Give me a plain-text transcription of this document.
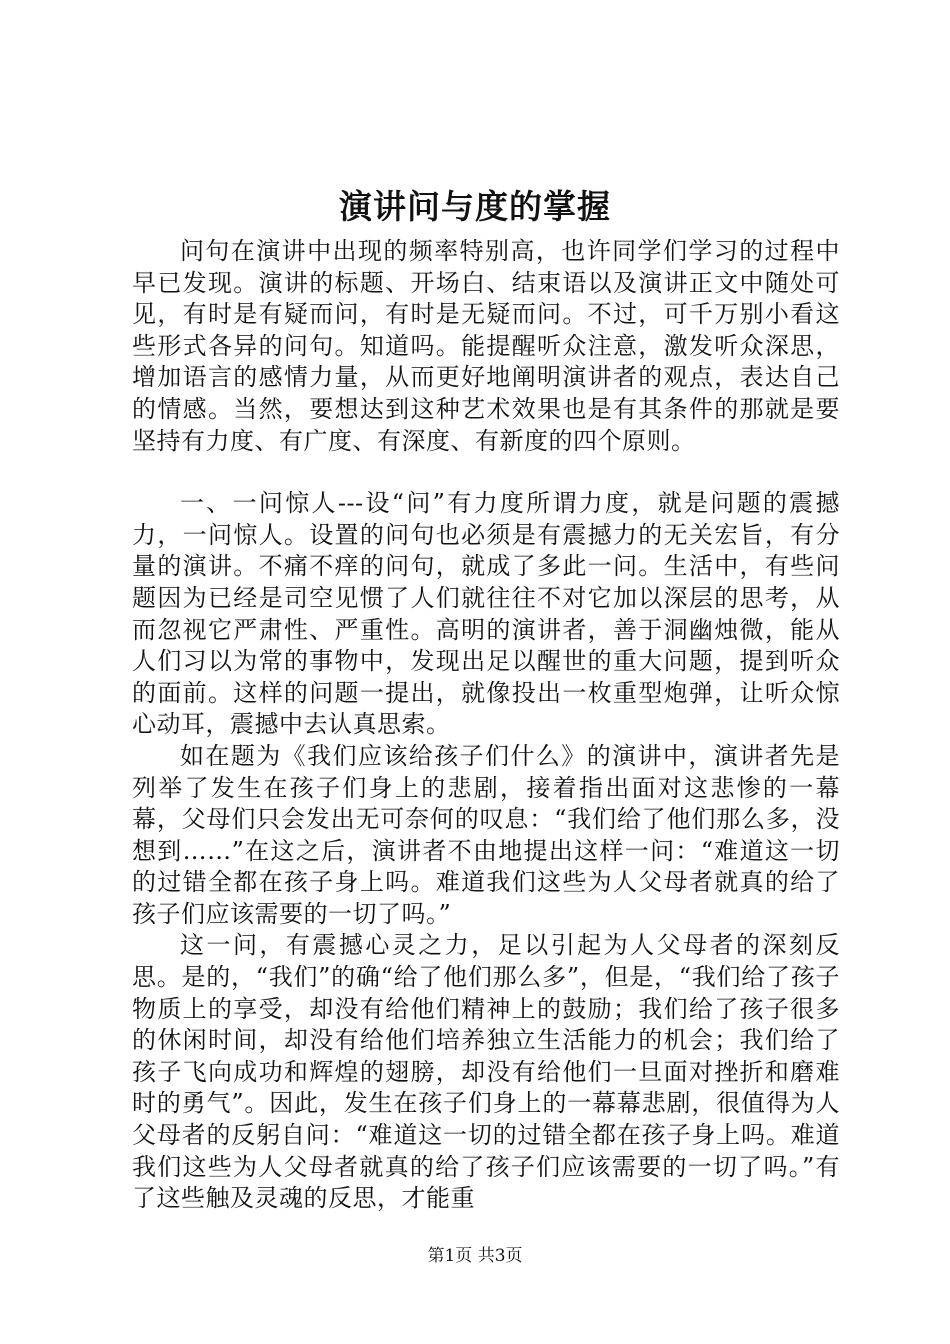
演讲问与度的掌握

问句在演讲中出现的频率特别高，也许同学们学习的过程中早已发现。演讲的标题、开场白、结束语以及演讲正文中随处可见，有时是有疑而问，有时是无疑而问。不过，可千万别小看这些形式各异的问句。知道吗。能提醒听众注意，激发听众深思，增加语言的感情力量，从而更好地阐明演讲者的观点，表达自己的情感。当然，要想达到这种艺术效果也是有其条件的那就是要坚持有力度、有广度、有深度、有新度的四个原则。

一、一问惊人---设“问”有力度所谓力度，就是问题的震撼力，一问惊人。设置的问句也必须是有震撼力的无关宏旨，有分量的演讲。不痛不痒的问句，就成了多此一问。生活中，有些问题因为已经是司空见惯了人们就往往不对它加以深层的思考，从而忽视它严肃性、严重性。高明的演讲者，善于洞幽烛微，能从人们习以为常的事物中，发现出足以醒世的重大问题，提到听众的面前。这样的问题一提出，就像投出一枚重型炮弹，让听众惊心动耳，震撼中去认真思索。

如在题为《我们应该给孩子们什么》的演讲中，演讲者先是列举了发生在孩子们身上的悲剧，接着指出面对这悲惨的一幕幕，父母们只会发出无可奈何的叹息：“我们给了他们那么多，没想到……”在这之后，演讲者不由地提出这样一问：“难道这一切的过错全都在孩子身上吗。难道我们这些为人父母者就真的给了孩子们应该需要的一切了吗。”

这一问，有震撼心灵之力，足以引起为人父母者的深刻反思。是的，“我们”的确“给了他们那么多”，但是，“我们给了孩子物质上的享受，却没有给他们精神上的鼓励；我们给了孩子很多的休闲时间，却没有给他们培养独立生活能力的机会；我们给了孩子飞向成功和辉煌的翅膀，却没有给他们一旦面对挫折和磨难时的勇气”。因此，发生在孩子们身上的一幕幕悲剧，很值得为人父母者的反躬自问：“难道这一切的过错全都在孩子身上吗。难道我们这些为人父母者就真的给了孩子们应该需要的一切了吗。”有了这些触及灵魂的反思，才能重

第1页 共3页
